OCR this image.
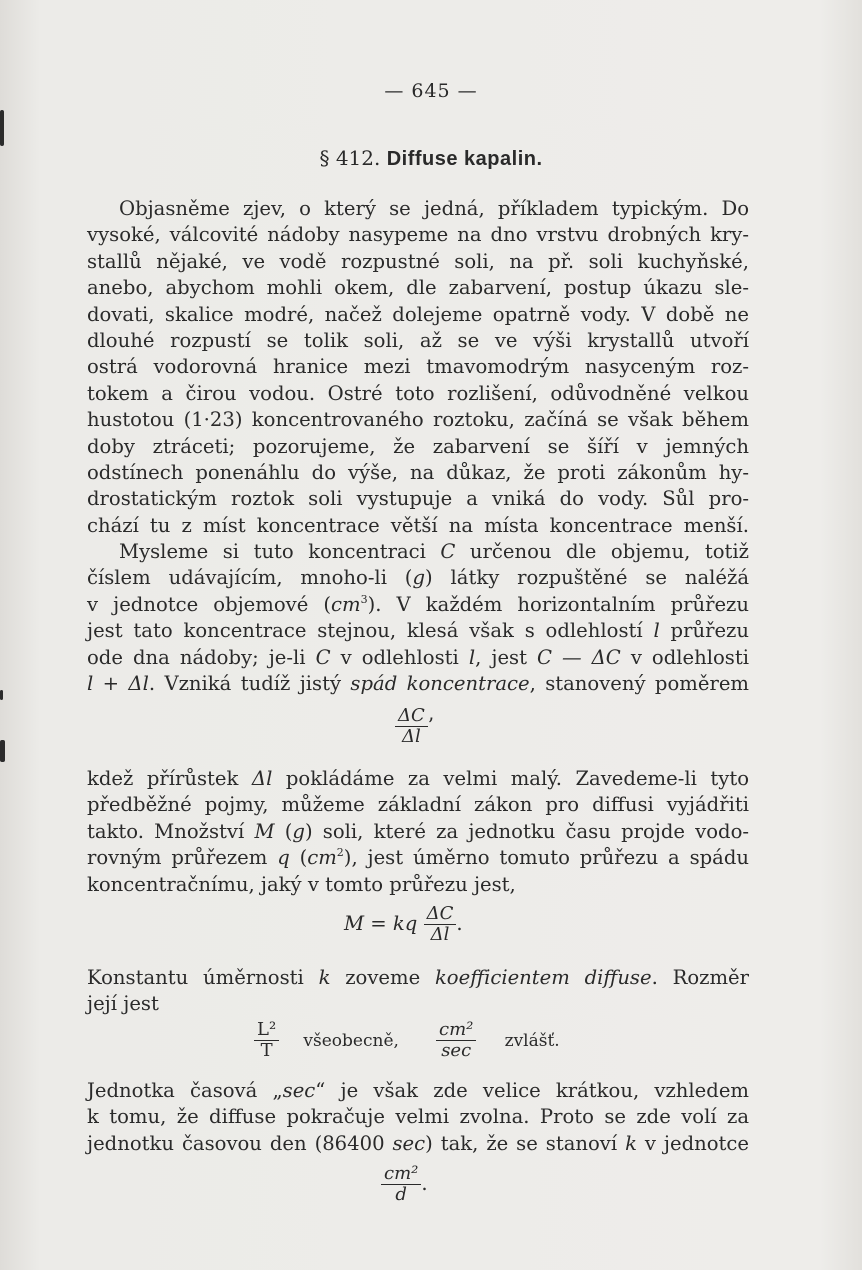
— 645 —
§ 412. Diffuse kapalin.
Objasněme zjev, o který se jedná, příkladem typickým. Do
vysoké, válcovité nádoby nasypeme na dno vrstvu drobných kry-
stallů nějaké, ve vodě rozpustné soli, na př. soli kuchyňské,
anebo, abychom mohli okem, dle zabarvení, postup úkazu sle-
dovati, skalice modré, načež dolejeme opatrně vody. V době ne
dlouhé rozpustí se tolik soli, až se ve výši krystallů utvoří
ostrá vodorovná hranice mezi tmavomodrým nasyceným roz-
tokem a čirou vodou. Ostré toto rozlišení, odůvodněné velkou
hustotou (1·23) koncentrovaného roztoku, začíná se však během
doby ztráceti; pozorujeme, že zabarvení se šíří v jemných
odstínech ponenáhlu do výše, na důkaz, že proti zákonům hy-
drostatickým roztok soli vystupuje a vniká do vody. Sůl pro-
chází tu z míst koncentrace větší na místa koncentrace menší.
Mysleme si tuto koncentraci C určenou dle objemu, totiž
číslem udávajícím, mnoho-li (g) látky rozpuštěné se naléžá
v jednotce objemové $(cm^3)$. V každém horizontalním průřezu
jest tato koncentrace stejnou, klesá však s odlehlostí l průřezu
ode dna nádoby; je-li C v odlehlosti l, jest C — ΔC v odlehlosti
l + Δl. Vzniká tudíž jistý spád koncentrace, stanovený poměrem
$\frac{\Delta C}{\Delta l}$ ’
kdež přírůstek Δl pokládáme za velmi malý. Zavedeme-li tyto
předběžné pojmy, můžeme základní zákon pro diffusi vyjádřiti
takto. Množství M (g) soli, které za jednotku času projde vodo-
rovným průřezem q $(cm^2)$, jest úměrno tomuto průřezu a spádu
koncentračnímu, jaký v tomto průřezu jest,
M = kq $\frac{\Delta C}{\Delta l}$ .
Konstantu úměrnosti k zoveme koefficientem diffuse. Rozměr
její jest
$\frac{\text{L²}}{T}$ všeobecně, $\frac{\text{cm²}}{\sec}$ zvlášť.
Jednotka časová „sec“ je však zde velice krátkou, vzhledem
k tomu, že diffuse pokračuje velmi zvolna. Proto se zde volí za
jednotku časovou den (86400 sec) tak, že se stanoví k v jednotce
$\frac{\text{cm²}}{d}$ .
